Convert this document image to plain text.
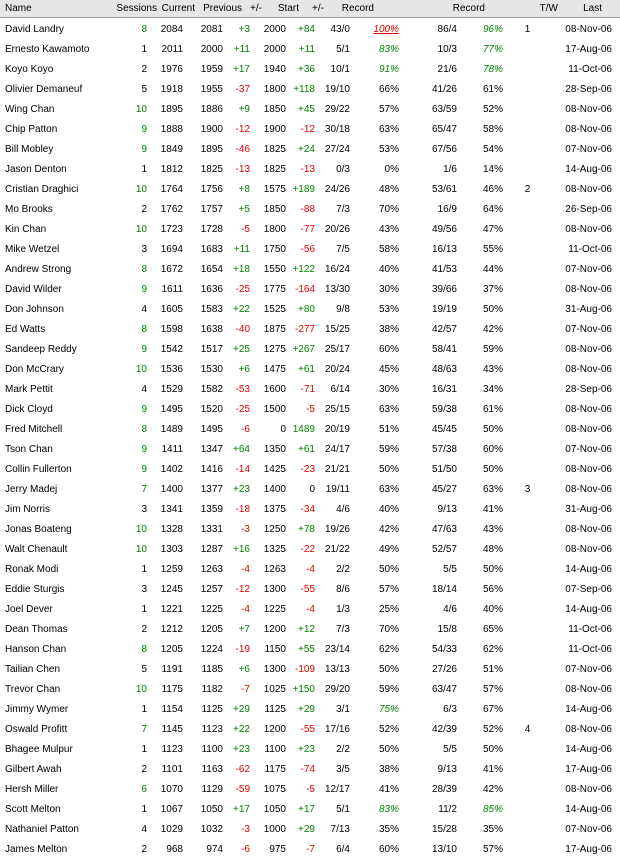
Name	Sessions Current Previous +/-	Start	+/-	Record	Record	T/W	Last
David Landry	8	2084	2081	+3	2000	+84	43/0	100%	86/4	96%	1	08-Nov-06
Ernesto Kawamoto	1	2011	2000	+11	2000	+11	5/1	83%	10/3	77%	17-Aug-06
Koyo Koyo	2	1976	1959	+17	1940	+36	10/1	91%	21/6	78%	11-Oct-06
Olivier Demaneuf	5	1918	1955	-37	1800 +118 19/10	66%	41/26	61%	28-Sep-06
Wing Chan	10	1895	1886	+9	1850	+45 29/22	57%	63/59	52%	08-Nov-06
Chip Patton	9	1888	1900	-12	1900	-12 30/18	63%	65/47	58%	08-Nov-06
Bill Mobley	9	1849	1895	-46	1825	+24 27/24	53%	67/56	54%	07-Nov-06
Jason Denton	1	1812	1825	-13	1825	-13	0/3	0%	1/6	14%	14-Aug-06
Cristian Draghici	10	1764	1756	+8	1575 +189 24/26	48%	53/61	46%	2	08-Nov-06
Mo Brooks	2	1762	1757	+5	1850	-88	7/3	70%	16/9	64%	26-Sep-06
Kin Chan	10	1723	1728	-5	1800	-77 20/26	43%	49/56	47%	08-Nov-06
Mike Wetzel	3	1694	1683	+11	1750	-56	7/5	58%	16/13	55%	11-Oct-06
Andrew Strong	8	1672	1654	+18	1550 +122 16/24	40%	41/53	44%	07-Nov-06
David Wilder	9	1611	1636	-25	1775 -164 13/30	30%	39/66	37%	08-Nov-06
Don Johnson	4	1605	1583	+22	1525	+80	9/8	53%	19/19	50%	31-Aug-06
Ed Watts	8	1598	1638	-40	1875 -277 15/25	38%	42/57	42%	07-Nov-06
Sandeep Reddy	9	1542	1517	+25	1275 +267 25/17	60%	58/41	59%	08-Nov-06
Don McCrary	10	1536	1530	+6	1475	+61 20/24	45%	48/63	43%	08-Nov-06
Mark Pettit	4	1529	1582	-53	1600	-71	6/14	30%	16/31	34%	28-Sep-06
Dick Cloyd	9	1495	1520	-25	1500	-5 25/15	63%	59/38	61%	08-Nov-06
Fred Mitchell	8	1489	1495	-6	0 1489 20/19	51%	45/45	50%	08-Nov-06
Tson Chan	9	1411	1347	+64	1350	+61 24/17	59%	57/38	60%	07-Nov-06
Collin Fullerton	9	1402	1416	-14	1425	-23 21/21	50%	51/50	50%	08-Nov-06
Jerry Madej	7	1400	1377	+23	1400	0	19/11	63%	45/27	63%	3	08-Nov-06
Jim Norris	3	1341	1359	-18	1375	-34	4/6	40%	9/13	41%	31-Aug-06
Jonas Boateng	10	1328	1331	-3	1250	+78 19/26	42%	47/63	43%	08-Nov-06
Walt Chenault	10	1303	1287	+16	1325	-22 21/22	49%	52/57	48%	08-Nov-06
Ronak Modi	1	1259	1263	-4	1263	-4	2/2	50%	5/5	50%	14-Aug-06
Eddie Sturgis	3	1245	1257	-12	1300	-55	8/6	57%	18/14	56%	07-Sep-06
Joel Dever	1	1221	1225	-4	1225	-4	1/3	25%	4/6	40%	14-Aug-06
Dean Thomas	2	1212	1205	+7	1200	+12	7/3	70%	15/8	65%	11-Oct-06
Hanson Chan	8	1205	1224	-19	1150	+55 23/14	62%	54/33	62%	11-Oct-06
Tailian Chen	5	1191	1185	+6	1300 -109 13/13	50%	27/26	51%	07-Nov-06
Trevor Chan	10	1175	1182	-7	1025 +150 29/20	59%	63/47	57%	08-Nov-06
Jimmy Wymer	1	1154	1125	+29	1125	+29	3/1	75%	6/3	67%	14-Aug-06
Oswald Profitt	7	1145	1123	+22	1200	-55 17/16	52%	42/39	52%	4	08-Nov-06
Bhagee Mulpur	1	1123	1100	+23	1100	+23	2/2	50%	5/5	50%	14-Aug-06
Gilbert Awah	2	1101	1163	-62	1175	-74	3/5	38%	9/13	41%	17-Aug-06
Hersh Miller	6	1070	1129	-59	1075	-5 12/17	41%	28/39	42%	08-Nov-06
Scott Melton	1	1067	1050	+17	1050	+17	5/1	83%	11/2	85%	14-Aug-06
Nathaniel Patton	4	1029	1032	-3	1000	+29	7/13	35%	15/28	35%	07-Nov-06
James Melton	2	968	974	-6	975	-7	6/4	60%	13/10	57%	17-Aug-06
